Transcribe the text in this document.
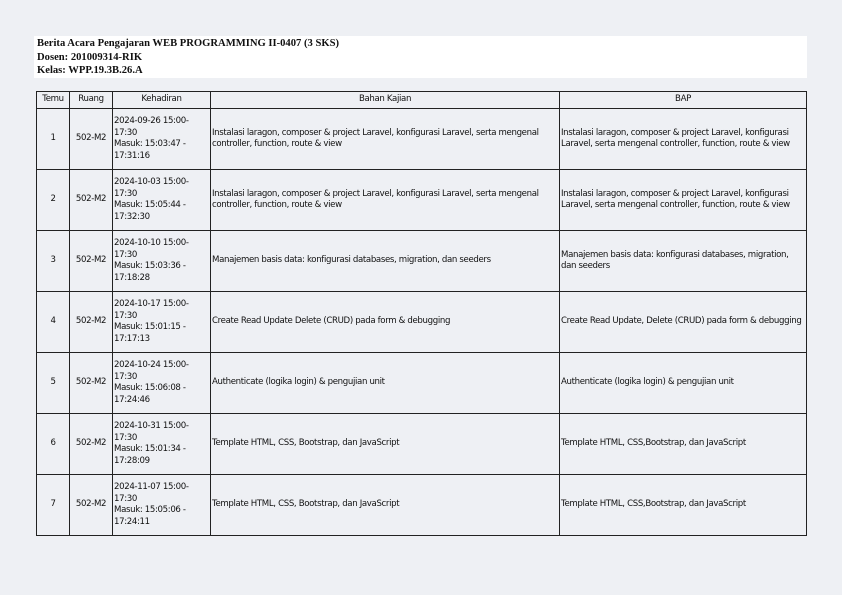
Berita Acara Pengajaran WEB PROGRAMMING II-0407 (3 SKS)
Dosen: 201009314-RIK
Kelas: WPP.19.3B.26.A
Temu	Ruang	Kehadiran	Bahan Kajian	BAP
1	502-M2	2024-09-26 15:00-
17:30
Masuk: 15:03:47 -
17:31:16	Instalasi laragon, composer & project Laravel, konfigurasi Laravel, serta mengenal controller, function, route & view	Instalasi laragon, composer & project Laravel, konfigurasi Laravel, serta mengenal controller, function, route & view
2	502-M2	2024-10-03 15:00-
17:30
Masuk: 15:05:44 -
17:32:30	Instalasi laragon, composer & project Laravel, konfigurasi Laravel, serta mengenal controller, function, route & view	Instalasi laragon, composer & project Laravel, konfigurasi Laravel, serta mengenal controller, function, route & view
3	502-M2	2024-10-10 15:00-
17:30
Masuk: 15:03:36 -
17:18:28	Manajemen basis data: konfigurasi databases, migration, dan seeders	Manajemen basis data: konfigurasi databases, migration, dan seeders
4	502-M2	2024-10-17 15:00-
17:30
Masuk: 15:01:15 -
17:17:13	Create Read Update Delete (CRUD) pada form & debugging	Create Read Update, Delete (CRUD) pada form & debugging
5	502-M2	2024-10-24 15:00-
17:30
Masuk: 15:06:08 -
17:24:46	Authenticate (logika login) & pengujian unit	Authenticate (logika login) & pengujian unit
6	502-M2	2024-10-31 15:00-
17:30
Masuk: 15:01:34 -
17:28:09	Template HTML, CSS, Bootstrap, dan JavaScript	Template HTML, CSS,Bootstrap, dan JavaScript
7	502-M2	2024-11-07 15:00-
17:30
Masuk: 15:05:06 -
17:24:11	Template HTML, CSS, Bootstrap, dan JavaScript	Template HTML, CSS,Bootstrap, dan JavaScript
